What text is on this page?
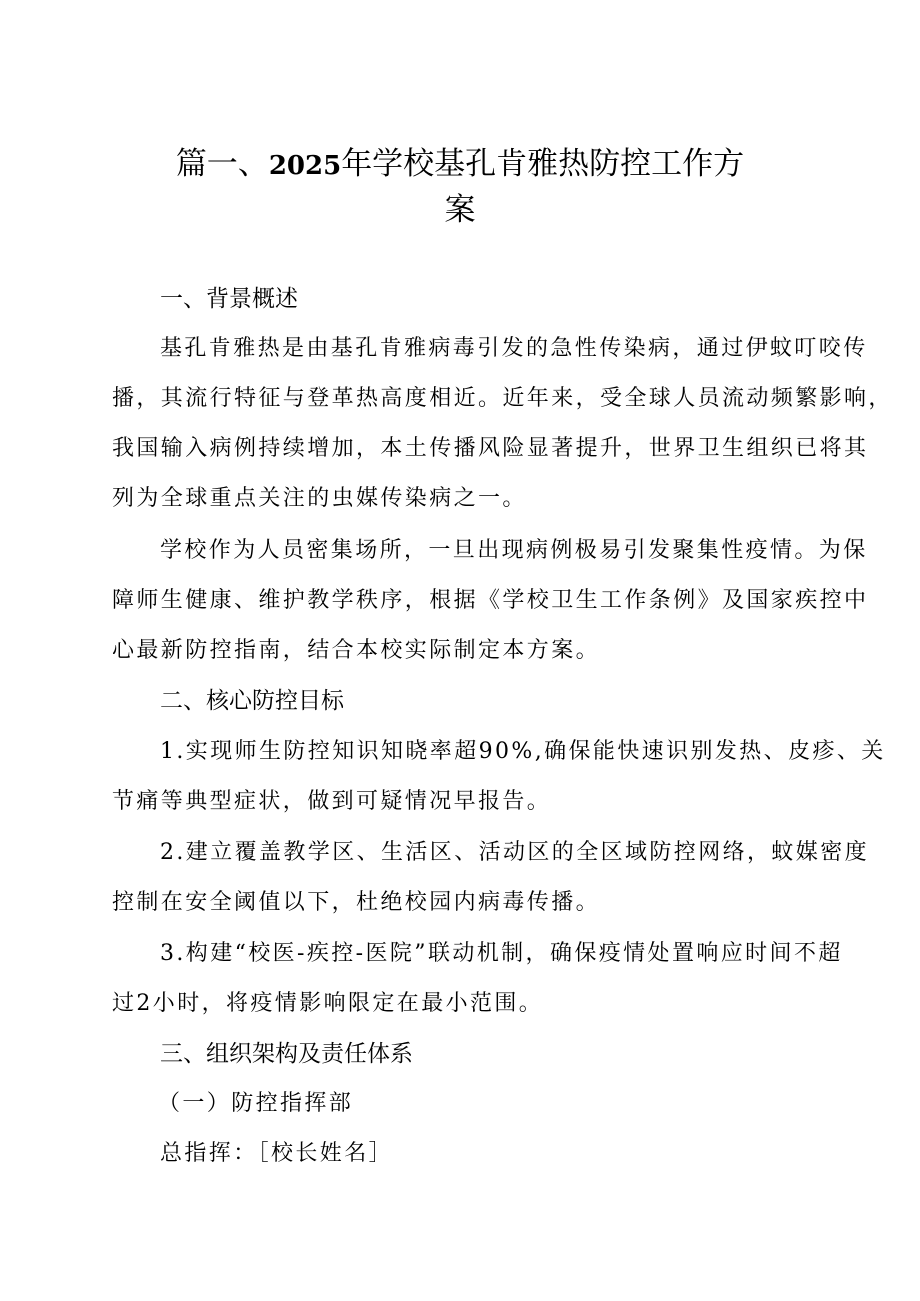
篇一、2025年学校基孔肯雅热防控工作方
案
一、背景概述
基孔肯雅热是由基孔肯雅病毒引发的急性传染病，通过伊蚊叮咬传
播，其流行特征与登革热高度相近。近年来，受全球人员流动频繁影响，
我国输入病例持续增加，本土传播风险显著提升，世界卫生组织已将其
列为全球重点关注的虫媒传染病之一。
学校作为人员密集场所，一旦出现病例极易引发聚集性疫情。为保
障师生健康、维护教学秩序，根据《学校卫生工作条例》及国家疾控中
心最新防控指南，结合本校实际制定本方案。
二、核心防控目标
1.实现师生防控知识知晓率超90%,确保能快速识别发热、皮疹、关
节痛等典型症状，做到可疑情况早报告。
2.建立覆盖教学区、生活区、活动区的全区域防控网络，蚊媒密度
控制在安全阈值以下，杜绝校园内病毒传播。
3.构建“校医-疾控-医院”联动机制，确保疫情处置响应时间不超
过2小时，将疫情影响限定在最小范围。
三、组织架构及责任体系
（一）防控指挥部
总指挥：［校长姓名］
